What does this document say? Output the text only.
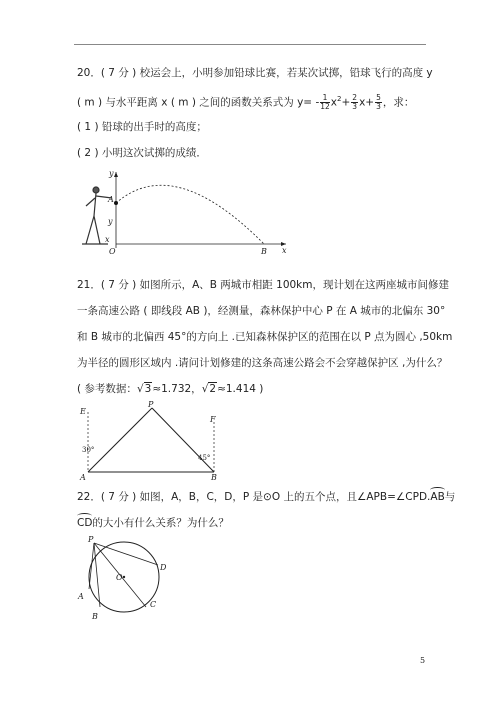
20．( 7 分 ) 校运会上，小明参加铅球比赛，若某次试掷，铅球飞行的高度 y
( m ) 与水平距离 x ( m ) 之间的函数关系式为 $y= - \frac{1}{12} x^2+ \frac{2}{3} x+ \frac{5}{3}$ ，求：
( 1 ) 铅球的出手时的高度；
( 2 ) 小明这次试掷的成绩．
y
x
O	B
A
y
x
21．( 7 分 ) 如图所示，A、B 两城市相距 100km，现计划在这两座城市间修建
一条高速公路 ( 即线段 AB )，经测量，森林保护中心 P 在 A 城市的北偏东 30°
和 B 城市的北偏西 45°的方向上 .已知森林保护区的范围在以 P 点为圆心 ,50km
为半径的圆形区域内 .请问计划修建的这条高速公路会不会穿越保护区 ,为什么？
( 参考数据：√3≈1.732，√2≈1.414 )
E
P
F
A	B
30°
45°
22．( 7 分 ) 如图，A，B，C，D，P 是⊙O 上的五个点，且∠APB=∠CPD.AB与
CD的大小有什么关系？为什么？
P
O
D
A
C
B
5
